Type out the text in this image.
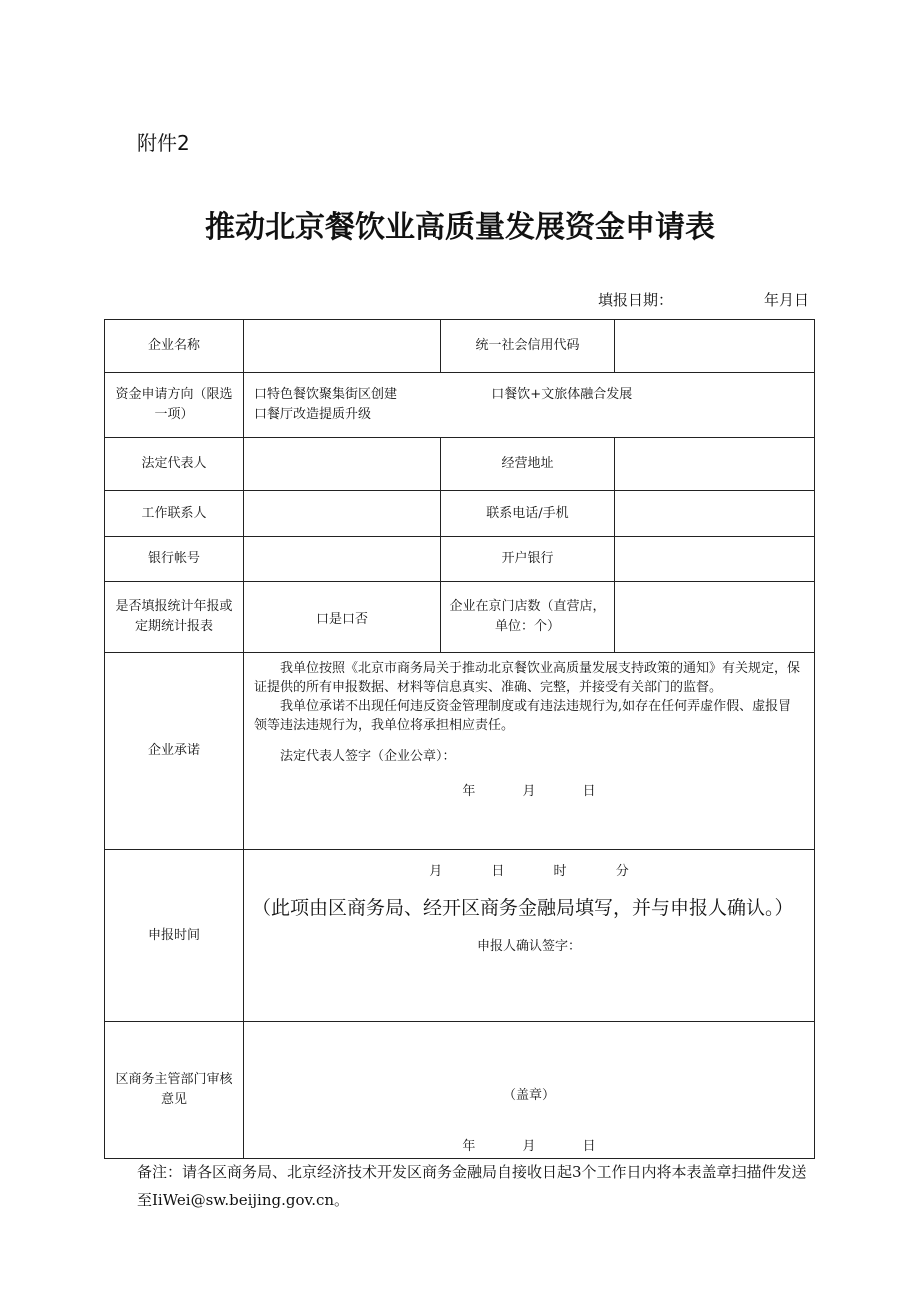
附件2
推动北京餐饮业高质量发展资金申请表
填报日期：	年月日
企业名称		统一社会信用代码	
资金申请方向（限选一项）	口特色餐饮聚集街区创建 口餐饮+文旅体融合发展
口餐厅改造提质升级		

法定代表人		经营地址	
工作联系人		联系电话/手机	
银行帐号		开户银行	
是否填报统计年报或定期统计报表	口是口否	企业在京门店数（直营店，单位：个）	
企业承诺	我单位按照《北京市商务局关于推动北京餐饮业高质量发展支持政策的通知》有关规定，保证提供的所有申报数据、材料等信息真实、准确、完整，并接受有关部门的监督。

我单位承诺不出现任何违反资金管理制度或有违法违规行为,如存在任何弄虚作假、虚报冒领等违法违规行为，我单位将承担相应责任。

法定代表人签字（企业公章）：

年 月 日		

申报时间	月 日 时 分
（此项由区商务局、经开区商务金融局填写，并与申报人确认。）
申报人确认签字：		

区商务主管部门审核意见	（盖章）
年 月 日		
备注：请各区商务局、北京经济技术开发区商务金融局自接收日起3个工作日内将本表盖章扫描件发送至IiWei@sw.beijing.gov.cn。
